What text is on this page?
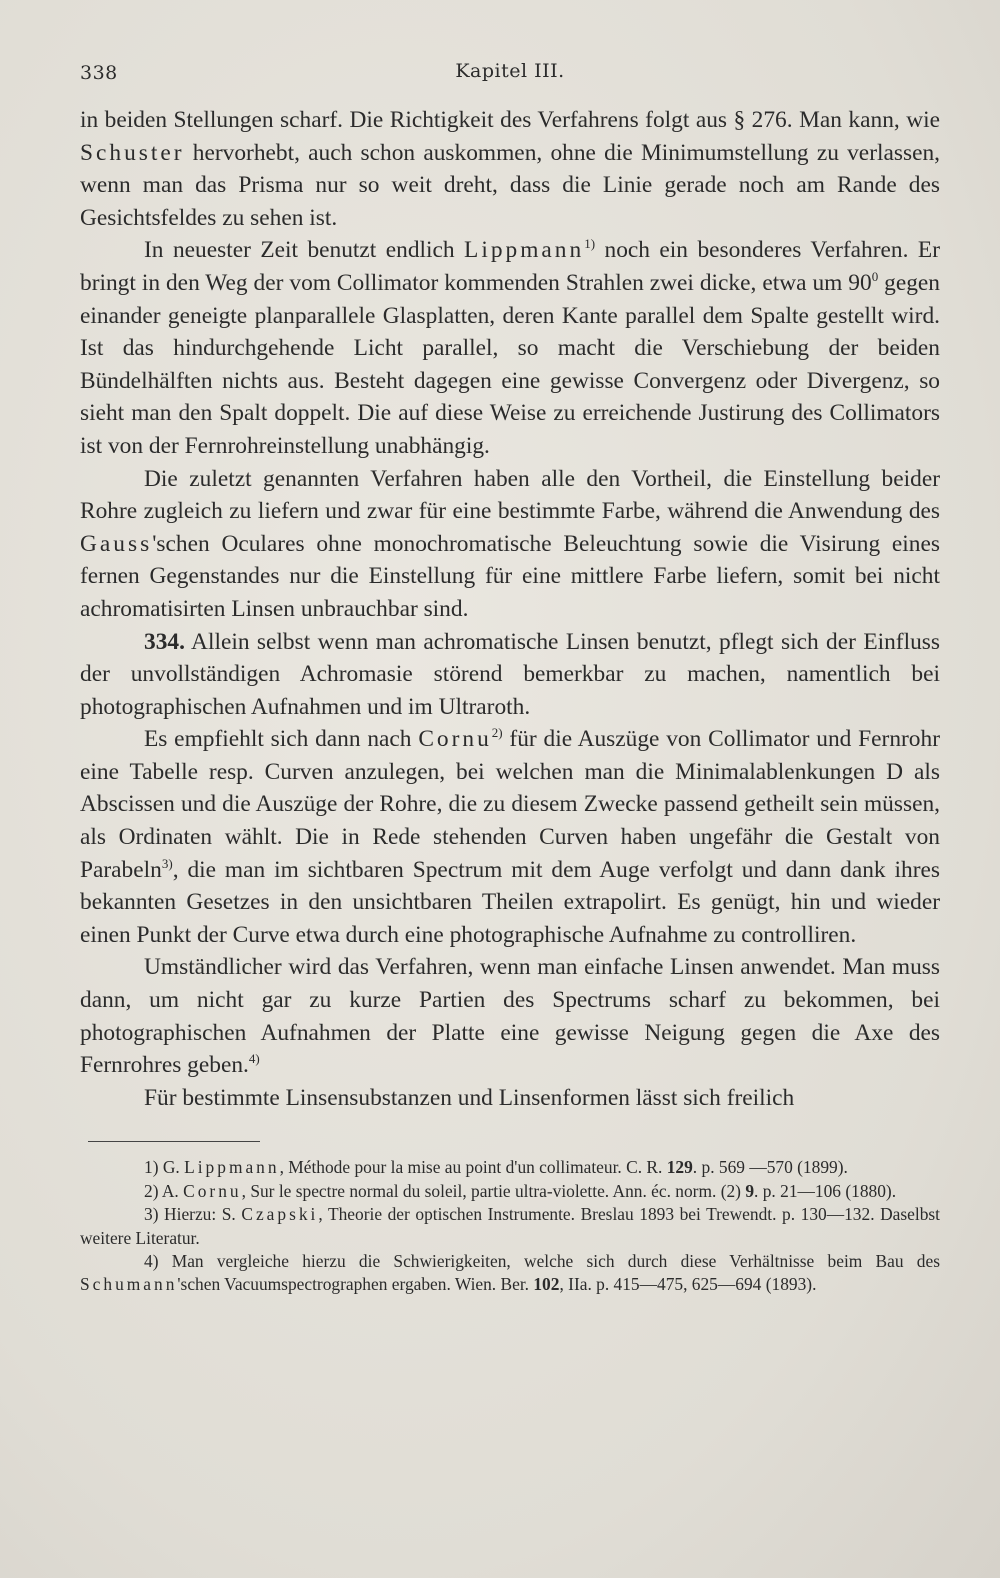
338	Kapitel III.

in beiden Stellungen scharf. Die Richtigkeit des Verfahrens folgt aus § 276. Man kann, wie Schuster hervorhebt, auch schon auskommen, ohne die Minimumstellung zu verlassen, wenn man das Prisma nur so weit dreht, dass die Linie gerade noch am Rande des Gesichtsfeldes zu sehen ist.

In neuester Zeit benutzt endlich Lippmann$^{1)}$ noch ein besonderes Verfahren. Er bringt in den Weg der vom Collimator kommenden Strahlen zwei dicke, etwa um $90^0$ gegen einander geneigte planparallele Glasplatten, deren Kante parallel dem Spalte gestellt wird. Ist das hindurchgehende Licht parallel, so macht die Verschiebung der beiden Bündelhälften nichts aus. Besteht dagegen eine gewisse Convergenz oder Divergenz, so sieht man den Spalt doppelt. Die auf diese Weise zu erreichende Justirung des Collimators ist von der Fernrohreinstellung unabhängig.

Die zuletzt genannten Verfahren haben alle den Vortheil, die Einstellung beider Rohre zugleich zu liefern und zwar für eine bestimmte Farbe, während die Anwendung des Gauss'schen Oculares ohne monochromatische Beleuchtung sowie die Visirung eines fernen Gegenstandes nur die Einstellung für eine mittlere Farbe liefern, somit bei nicht achromatisirten Linsen unbrauchbar sind.

334. Allein selbst wenn man achromatische Linsen benutzt, pflegt sich der Einfluss der unvollständigen Achromasie störend bemerkbar zu machen, namentlich bei photographischen Aufnahmen und im Ultraroth.

Es empfiehlt sich dann nach Cornu$^{2)}$ für die Auszüge von Collimator und Fernrohr eine Tabelle resp. Curven anzulegen, bei welchen man die Minimalablenkungen D als Abscissen und die Auszüge der Rohre, die zu diesem Zwecke passend getheilt sein müssen, als Ordinaten wählt. Die in Rede stehenden Curven haben ungefähr die Gestalt von Parabeln$^{3)}$, die man im sichtbaren Spectrum mit dem Auge verfolgt und dann dank ihres bekannten Gesetzes in den unsichtbaren Theilen extrapolirt. Es genügt, hin und wieder einen Punkt der Curve etwa durch eine photographische Aufnahme zu controlliren.

Umständlicher wird das Verfahren, wenn man einfache Linsen anwendet. Man muss dann, um nicht gar zu kurze Partien des Spectrums scharf zu bekommen, bei photographischen Aufnahmen der Platte eine gewisse Neigung gegen die Axe des Fernrohres geben.$^{4)}$

Für bestimmte Linsensubstanzen und Linsenformen lässt sich freilich

1) G. Lippmann, Méthode pour la mise au point d'un collimateur. C. R. 129. p. 569 —570 (1899).

2) A. Cornu, Sur le spectre normal du soleil, partie ultra-violette. Ann. éc. norm. (2) 9. p. 21—106 (1880).

3) Hierzu: S. Czapski, Theorie der optischen Instrumente. Breslau 1893 bei Trewendt. p. 130—132. Daselbst weitere Literatur.

4) Man vergleiche hierzu die Schwierigkeiten, welche sich durch diese Verhältnisse beim Bau des Schumann'schen Vacuumspectrographen ergaben. Wien. Ber. 102, IIa. p. 415—475, 625—694 (1893).
